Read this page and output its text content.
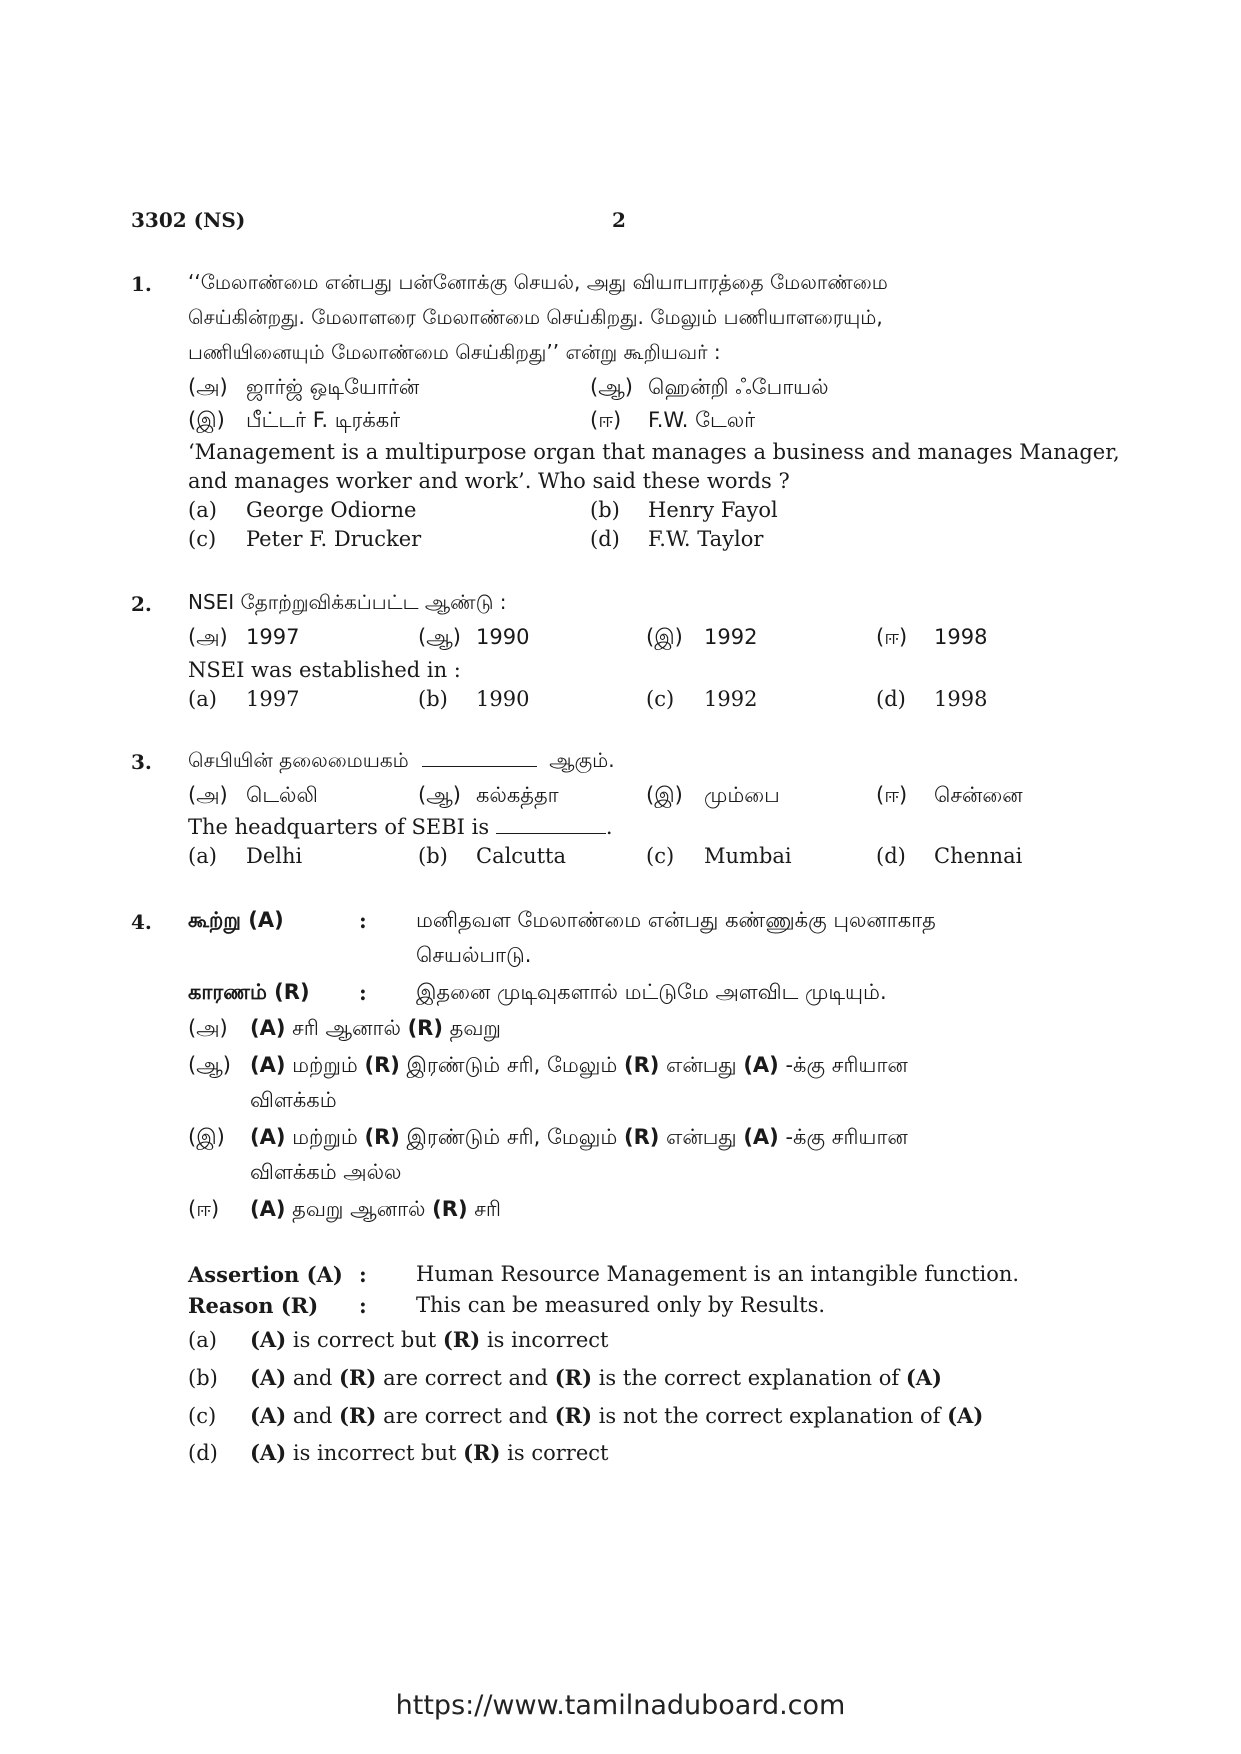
3302 (NS)	2
1. ‘‘மேலாண்மை என்பது பன்னோக்கு செயல், அது வியாபாரத்தை மேலாண்மை
செய்கின்றது. மேலாளரை மேலாண்மை செய்கிறது. மேலும் பணியாளரையும்,
பணியினையும் மேலாண்மை செய்கிறது’’ என்று கூறியவர் :
(அ) ஜார்ஜ் ஒடியோர்ன்	(ஆ) ஹென்றி ஃபோயல்
(இ) பீட்டர் F. டிரக்கர்	(ஈ) F.W. டேலர்
‘Management is a multipurpose organ that manages a business and manages Manager,
and manages worker and work’. Who said these words ?
(a) George Odiorne	(b) Henry Fayol
(c) Peter F. Drucker	(d) F.W. Taylor
2. NSEI தோற்றுவிக்கப்பட்ட ஆண்டு :
(அ) 1997	(ஆ) 1990	(இ) 1992	(ஈ) 1998
NSEI was established in :
(a) 1997	(b) 1990	(c) 1992	(d) 1998
3. செபியின் தலைமையகம்	ஆகும்.
(அ) டெல்லி	(ஆ) கல்கத்தா	(இ) மும்பை	(ஈ) சென்னை
The headquarters of SEBI is	.
(a) Delhi	(b) Calcutta	(c) Mumbai	(d) Chennai
4. கூற்று (A)	: மனிதவள மேலாண்மை என்பது கண்ணுக்கு புலனாகாத
செயல்பாடு.
காரணம் (R) : இதனை முடிவுகளால் மட்டுமே அளவிட முடியும்.
(அ) (A) சரி ஆனால் (R) தவறு
(ஆ) (A) மற்றும் (R) இரண்டும் சரி, மேலும் (R) என்பது (A) -க்கு சரியான
விளக்கம்
(இ) (A) மற்றும் (R) இரண்டும் சரி, மேலும் (R) என்பது (A) -க்கு சரியான
விளக்கம் அல்ல
(ஈ) (A) தவறு ஆனால் (R) சரி
Assertion (A) : Human Resource Management is an intangible function.
Reason (R) : This can be measured only by Results.
(a) (A) is correct but (R) is incorrect
(b) (A) and (R) are correct and (R) is the correct explanation of (A)
(c) (A) and (R) are correct and (R) is not the correct explanation of (A)
(d) (A) is incorrect but (R) is correct
https://www.tamilnaduboard.com
